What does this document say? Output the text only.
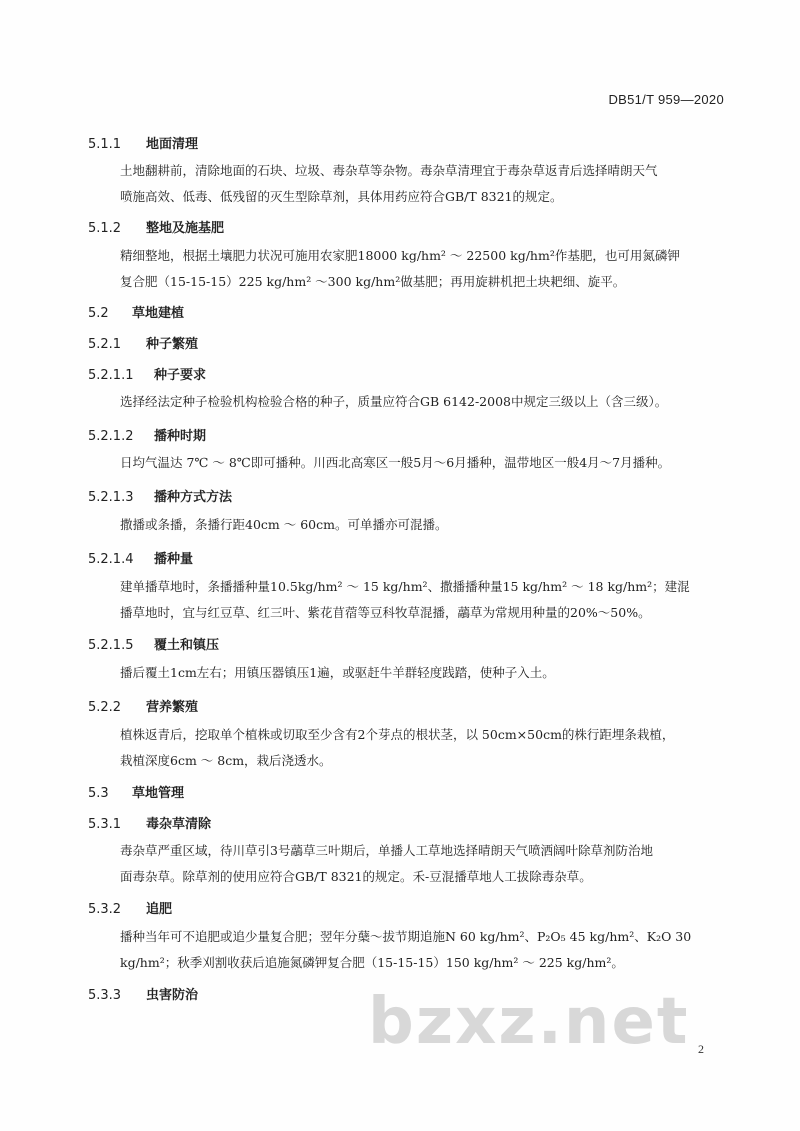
DB51/T 959—2020
5.1.1 地面清理
土地翻耕前，清除地面的石块、垃圾、毒杂草等杂物。毒杂草清理宜于毒杂草返青后选择晴朗天气
喷施高效、低毒、低残留的灭生型除草剂，具体用药应符合GB/T 8321的规定。
5.1.2 整地及施基肥
精细整地，根据土壤肥力状况可施用农家肥18000 kg/hm² ～ 22500 kg/hm²作基肥，也可用氮磷钾
复合肥（15-15-15）225 kg/hm² ～300 kg/hm²做基肥；再用旋耕机把土块耙细、旋平。
5.2 草地建植
5.2.1 种子繁殖
5.2.1.1 种子要求
选择经法定种子检验机构检验合格的种子，质量应符合GB 6142-2008中规定三级以上（含三级）。
5.2.1.2 播种时期
日均气温达 7℃ ～ 8℃即可播种。川西北高寒区一般5月～6月播种，温带地区一般4月～7月播种。
5.2.1.3 播种方式方法
撒播或条播，条播行距40cm ～ 60cm。可单播亦可混播。
5.2.1.4 播种量
建单播草地时，条播播种量10.5kg/hm² ～ 15 kg/hm²、撒播播种量15 kg/hm² ～ 18 kg/hm²；建混
播草地时，宜与红豆草、红三叶、紫花苜蓿等豆科牧草混播，虉草为常规用种量的20%～50%。
5.2.1.5 覆土和镇压
播后覆土1cm左右；用镇压器镇压1遍，或驱赶牛羊群轻度践踏，使种子入土。
5.2.2 营养繁殖
植株返青后，挖取单个植株或切取至少含有2个芽点的根状茎，以 50cm×50cm的株行距埋条栽植，
栽植深度6cm ～ 8cm，栽后浇透水。
5.3 草地管理
5.3.1 毒杂草清除
毒杂草严重区域，待川草引3号虉草三叶期后，单播人工草地选择晴朗天气喷洒阔叶除草剂防治地
面毒杂草。除草剂的使用应符合GB/T 8321的规定。禾-豆混播草地人工拔除毒杂草。
5.3.2 追肥
播种当年可不追肥或追少量复合肥；翌年分蘖～拔节期追施N 60 kg/hm²、P₂O₅ 45 kg/hm²、K₂O 30
kg/hm²；秋季刈割收获后追施氮磷钾复合肥（15-15-15）150 kg/hm² ～ 225 kg/hm²。
5.3.3 虫害防治	bzxz.net 2
